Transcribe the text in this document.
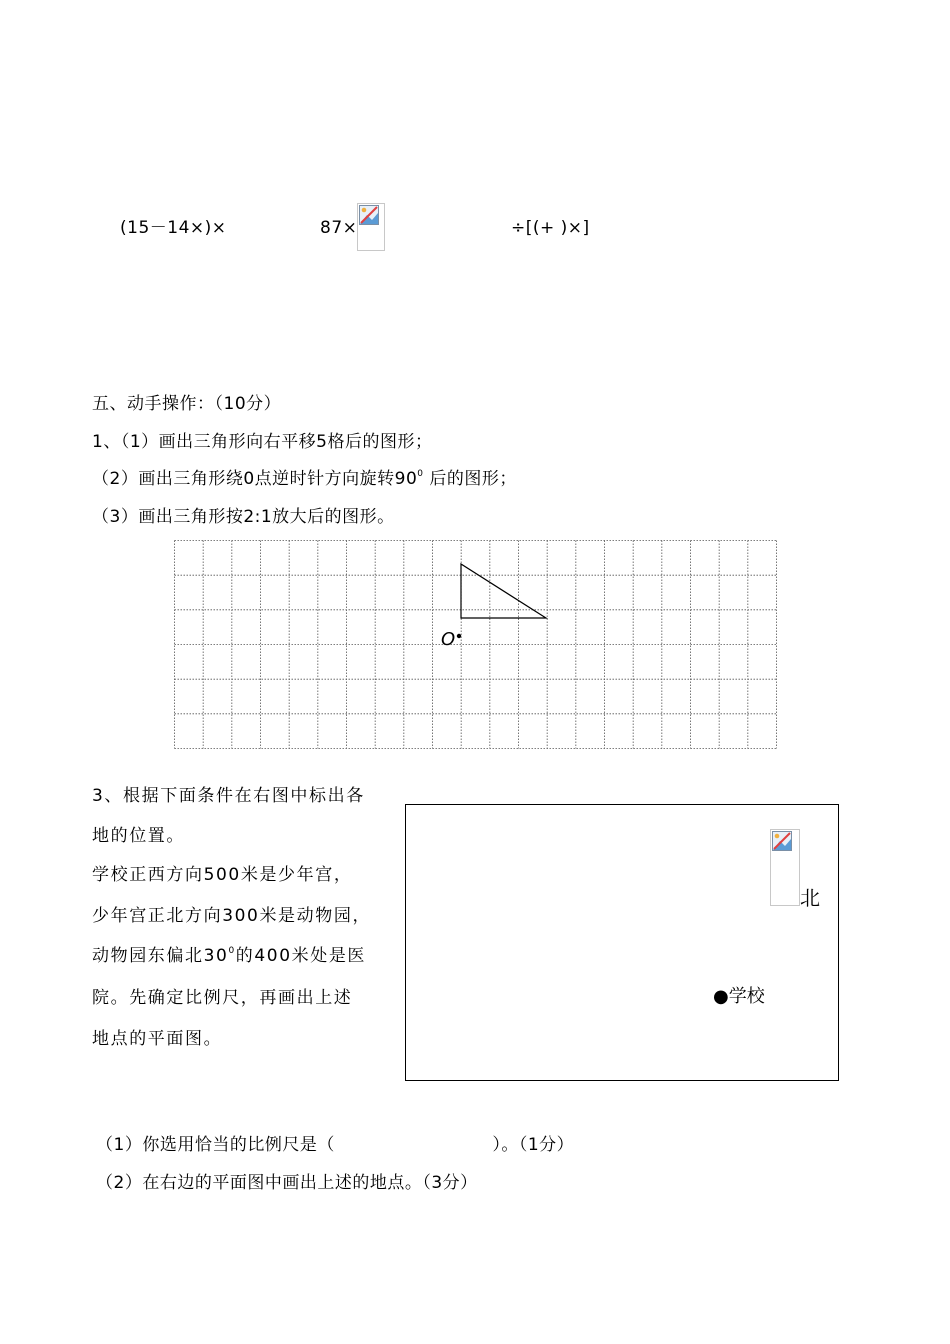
(15－14×)×	87×	÷[(+ )×]
五、动手操作：（10分）
1、（1）画出三角形向右平移5格后的图形；
（2）画出三角形绕0点逆时针方向旋转$90^0$ 后的图形；
（3）画出三角形按2:1放大后的图形。
O
3、根据下面条件在右图中标出各
地的位置。
学校正西方向500米是少年宫，
少年宫正北方向300米是动物园，
动物园东偏北$30^0$的400米处是医
院。先确定比例尺，再画出上述
地点的平面图。
北
●学校
（1）你选用恰当的比例尺是（　　　　　　　　　）。（1分）
（2）在右边的平面图中画出上述的地点。（3分）
